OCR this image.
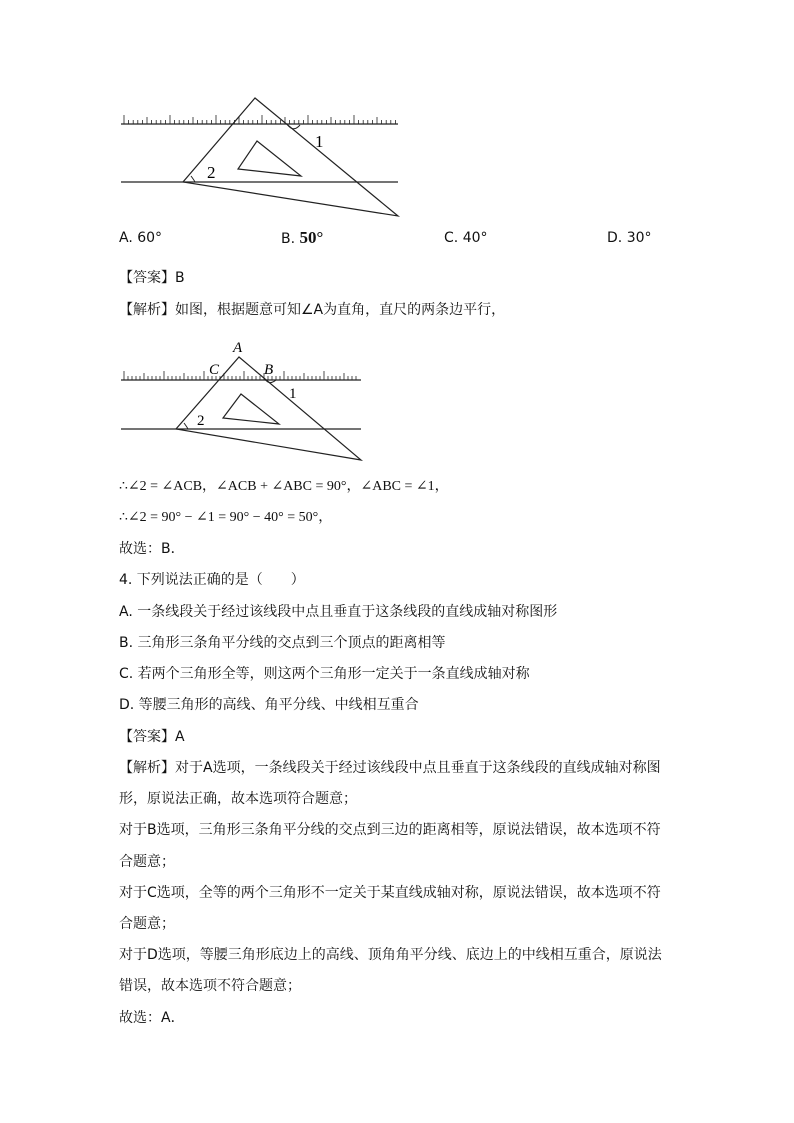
1
2
A. 60°	B. 50°	C. 40°	D. 30°
【答案】B
【解析】如图，根据题意可知∠A为直角，直尺的两条边平行，
A
C	B
1
2
∴∠2 = ∠ACB，∠ACB + ∠ABC = 90°，∠ABC = ∠1，
∴∠2 = 90° − ∠1 = 90° − 40° = 50°，
故选：B．
4. 下列说法正确的是（　　）
A. 一条线段关于经过该线段中点且垂直于这条线段的直线成轴对称图形
B. 三角形三条角平分线的交点到三个顶点的距离相等
C. 若两个三角形全等，则这两个三角形一定关于一条直线成轴对称
D. 等腰三角形的高线、角平分线、中线相互重合
【答案】A
【解析】对于A选项，一条线段关于经过该线段中点且垂直于这条线段的直线成轴对称图
形，原说法正确，故本选项符合题意；
对于B选项，三角形三条角平分线的交点到三边的距离相等，原说法错误，故本选项不符
合题意；
对于C选项，全等的两个三角形不一定关于某直线成轴对称，原说法错误，故本选项不符
合题意；
对于D选项，等腰三角形底边上的高线、顶角角平分线、底边上的中线相互重合，原说法
错误，故本选项不符合题意；
故选：A．
